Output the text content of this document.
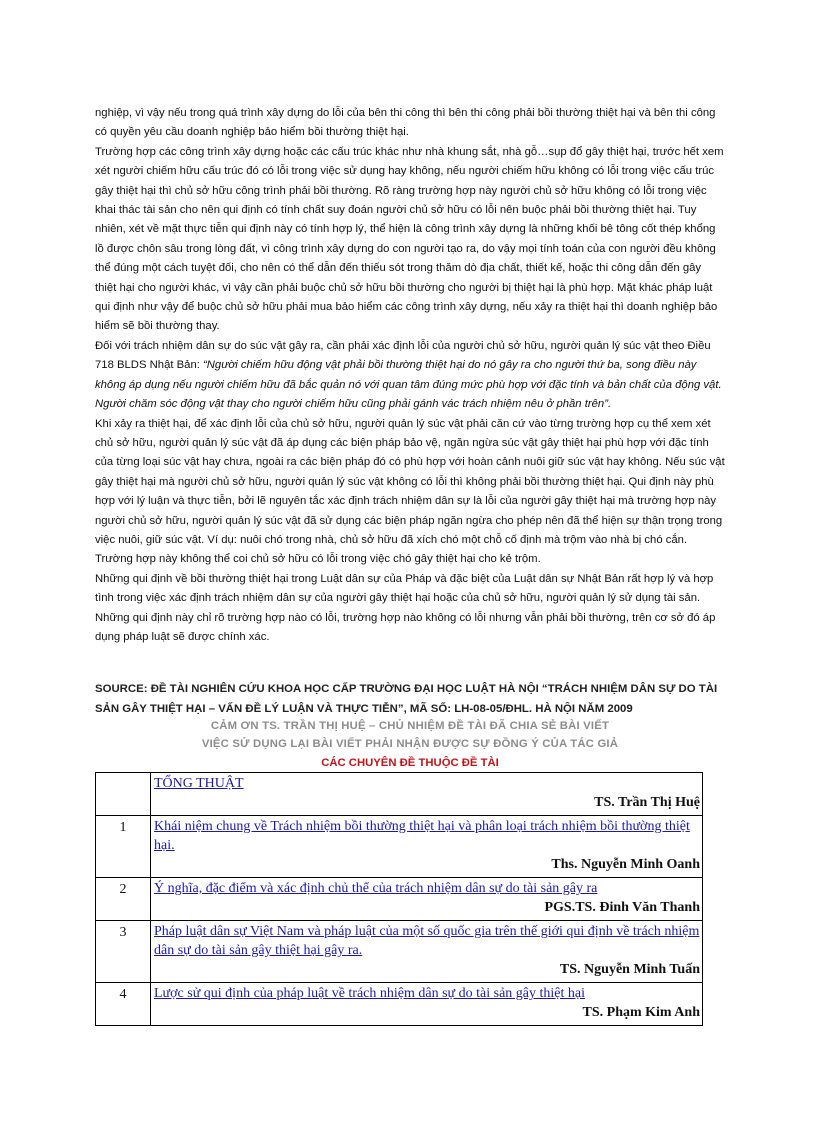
nghiệp, vì vậy nếu trong quá trình xây dựng do lỗi của bên thi công thì bên thi công phải bồi thường thiệt hại và bên thi công có quyền yêu cầu doanh nghiệp bảo hiểm bồi thường thiệt hại.

Trường hợp các công trình xây dựng hoặc các cấu trúc khác như nhà khung sắt, nhà gỗ…sụp đổ gây thiệt hại, trước hết xem xét người chiếm hữu cấu trúc đó có lỗi trong việc sử dụng hay không, nếu người chiếm hữu không có lỗi trong việc cấu trúc gây thiệt hại thì chủ sở hữu công trình phải bồi thường. Rõ ràng trường hợp này người chủ sở hữu không có lỗi trong việc khai thác tài sản cho nên qui định có tính chất suy đoán người chủ sở hữu có lỗi nên buộc phải bồi thường thiệt hại. Tuy nhiên, xét về mặt thực tiễn qui định này có tính hợp lý, thể hiện là công trình xây dựng là những khối bê tông cốt thép khổng lồ được chôn sâu trong lòng đất, vì công trình xây dựng do con người tạo ra, do vậy mọi tính toán của con người đều không thể đúng một cách tuyệt đối, cho nên có thể dẫn đến thiếu sót trong thăm dò địa chất, thiết kế, hoặc thi công dẫn đến gây thiệt hại cho người khác, vì vậy cần phải buộc chủ sở hữu bồi thường cho người bị thiệt hại là phù hợp. Mặt khác pháp luật qui định như vậy để buộc chủ sở hữu phải mua bảo hiểm các công trình xây dựng, nếu xảy ra thiệt hại thì doanh nghiệp bảo hiểm sẽ bồi thường thay.

Đối với trách nhiệm dân sự do súc vật gây ra, cần phải xác định lỗi của người chủ sở hữu, người quản lý súc vật theo Điều 718 BLDS Nhật Bản: “Người chiếm hữu động vật phải bồi thường thiệt hại do nó gây ra cho người thứ ba, song điều này không áp dụng nếu người chiếm hữu đã bắc quản nó với quan tâm đúng mức phù hợp với đặc tính và bản chất của động vật. Người chăm sóc động vật thay cho người chiếm hữu cũng phải gánh vác trách nhiệm nêu ở phần trên”.

Khi xảy ra thiệt hại, để xác định lỗi của chủ sở hữu, người quản lý súc vật phải căn cứ vào từng trường hợp cụ thể xem xét chủ sở hữu, người quản lý súc vật đã áp dụng các biện pháp bảo vệ, ngăn ngừa súc vật gây thiệt hại phù hợp với đặc tính của từng loại súc vật hay chưa, ngoài ra các biện pháp đó có phù hợp với hoàn cảnh nuôi giữ súc vật hay không. Nếu súc vật gây thiệt hại mà người chủ sở hữu, người quản lý súc vật không có lỗi thì không phải bồi thường thiệt hại. Qui định này phù hợp với lý luận và thực tiễn, bởi lẽ nguyên tắc xác định trách nhiệm dân sự là lỗi của người gây thiệt hại mà trường hợp này người chủ sở hữu, người quản lý súc vật đã sử dụng các biện pháp ngăn ngừa cho phép nên đã thể hiện sự thận trọng trong việc nuôi, giữ súc vật. Ví dụ: nuôi chó trong nhà, chủ sở hữu đã xích chó một chỗ cố định mà trộm vào nhà bị chó cắn. Trường hợp này không thể coi chủ sở hữu có lỗi trong việc chó gây thiệt hại cho kẻ trộm.

Những qui định về bồi thường thiệt hại trong Luật dân sự của Pháp và đặc biệt của Luật dân sự Nhật Bản rất hợp lý và hợp tình trong việc xác định trách nhiệm dân sự của người gây thiệt hại hoặc của chủ sở hữu, người quản lý sử dụng tài sản. Những qui định này chỉ rõ trường hợp nào có lỗi, trường hợp nào không có lỗi nhưng vẫn phải bồi thường, trên cơ sở đó áp dụng pháp luật sẽ được chính xác.

SOURCE: ĐỀ TÀI NGHIÊN CỨU KHOA HỌC CẤP TRƯỜNG ĐẠI HỌC LUẬT HÀ NỘI “TRÁCH NHIỆM DÂN SỰ DO TÀI SẢN GÂY THIỆT HẠI – VẤN ĐỀ LÝ LUẬN VÀ THỰC TIỄN”, MÃ SỐ: LH-08-05/ĐHL. HÀ NỘI NĂM 2009
CẢM ƠN TS. TRẦN THỊ HUỆ – CHỦ NHIỆM ĐỀ TÀI ĐÃ CHIA SẺ BÀI VIẾT
VIỆC SỬ DỤNG LẠI BÀI VIẾT PHẢI NHẬN ĐƯỢC SỰ ĐỒNG Ý CỦA TÁC GIẢ
CÁC CHUYÊN ĐỀ THUỘC ĐỀ TÀI

	TỔNG THUẬT
TS. Trần Thị Huệ

1	Khái niệm chung về Trách nhiệm bồi thường thiệt hại và phân loại trách nhiệm bồi thường thiệt hại.
Ths. Nguyễn Minh Oanh

2	Ý nghĩa, đặc điểm và xác định chủ thể của trách nhiệm dân sự do tài sản gây ra
PGS.TS. Đinh Văn Thanh

3	Pháp luật dân sự Việt Nam và pháp luật của một số quốc gia trên thế giới qui định về trách nhiệm dân sự do tài sản gây thiệt hại gây ra.
TS. Nguyễn Minh Tuấn

4	Lược sử qui định của pháp luật về trách nhiệm dân sự do tài sản gây thiệt hại
TS. Phạm Kim Anh
